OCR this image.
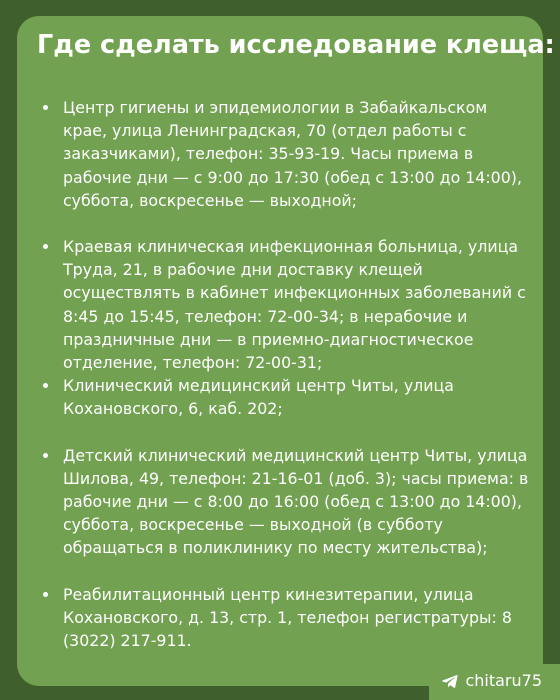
Где сделать исследование клеща:
Центр гигиены и эпидемиологии в Забайкальском крае, улица Ленинградская, 70 (отдел работы с заказчиками), телефон: 35-93-19. Часы приема в рабочие дни — с 9:00 до 17:30 (обед с 13:00 до 14:00), суббота, воскресенье — выходной;
Краевая клиническая инфекционная больница, улица Труда, 21, в рабочие дни доставку клещей осуществлять в кабинет инфекционных заболеваний с 8:45 до 15:45, телефон: 72-00-34; в нерабочие и праздничные дни — в приемно-диагностическое отделение, телефон: 72-00-31;
Клинический медицинский центр Читы, улица Кохановского, 6, каб. 202;
Детский клинический медицинский центр Читы, улица Шилова, 49, телефон: 21-16-01 (доб. 3); часы приема: в рабочие дни — с 8:00 до 16:00 (обед с 13:00 до 14:00), суббота, воскресенье — выходной (в субботу обращаться в поликлинику по месту жительства);
Реабилитационный центр кинезитерапии, улица Кохановского, д. 13, стр. 1, телефон регистратуры: 8 (3022) 217-911.
chitaru75
